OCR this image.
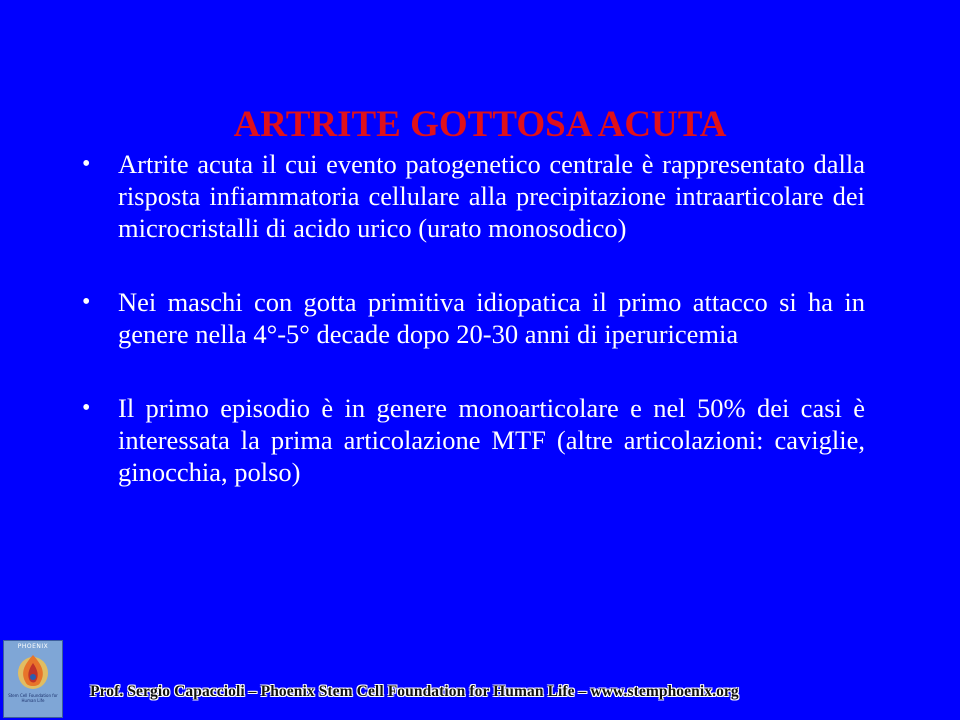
ARTRITE GOTTOSA ACUTA
•	Artrite acuta il cui evento patogenetico centrale è rappresentato dalla risposta infiammatoria cellulare alla precipitazione intraarticolare dei microcristalli di acido urico (urato monosodico)
•	Nei maschi con gotta primitiva idiopatica il primo attacco si ha in genere nella 4°-5° decade dopo 20-30 anni di iperuricemia
•	Il primo episodio è in genere monoarticolare e nel 50% dei casi è interessata la prima articolazione MTF (altre articolazioni: caviglie, ginocchia, polso)
PHOENIX
Stem Cell Foundation for Human Life
Prof. Sergio Capaccioli – Phoenix Stem Cell Foundation for Human Life – www.stemphoenix.org
